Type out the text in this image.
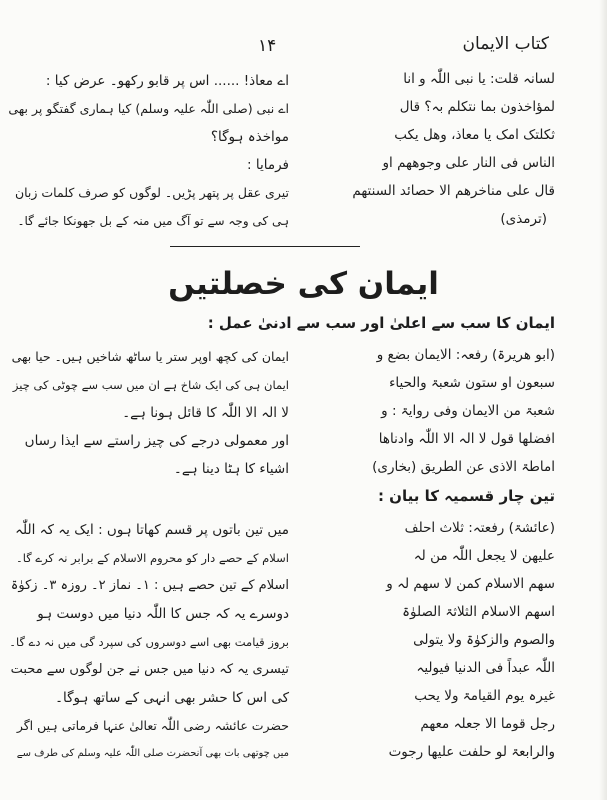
کتاب الایمان
۱۴
لسانہ قلت: یا نبی اللّٰہ و انا
لمؤاخذون بما نتکلم بہ؟ قال
ثکلتک امک یا معاذ، وھل یکب
الناس فی النار علی وجوھھم او
قال علی مناخرھم الا حصائد السنتھم
(ترمذی)
اے معاذ! ...... اس پر قابو رکھو۔ عرض کیا :
اے نبی (صلی اللّٰہ علیہ وسلم) کیا ہماری گفتگو پر بھی
مواخذہ ہوگا؟
فرمایا :
تیری عقل پر پتھر پڑیں۔ لوگوں کو صرف کلمات زبان
ہی کی وجہ سے تو آگ میں منہ کے بل جھونکا جائے گا۔
ایمان کی خصلتیں
ایمان کا سب سے اعلیٰ اور سب سے ادنیٰ عمل :
(ابو ھریرۃ) رفعہ: الایمان بضع و
سبعون او ستون شعبۃ والحیاء
شعبۃ من الایمان وفی روایۃ : و
افضلھا قول لا الہ الا اللّٰہ وادناھا
اماطۃ الاذی عن الطریق (بخاری)
ایمان کی کچھ اوپر ستر یا ساٹھ شاخیں ہیں۔ حیا بھی
ایمان ہی کی ایک شاخ ہے ان میں سب سے چوٹی کی چیز
لا الہ الا اللّٰہ کا قائل ہونا ہے۔
اور معمولی درجے کی چیز راستے سے ایذا رساں
اشیاء کا ہٹا دینا ہے۔
تین چار قسمیہ کا بیان :
(عائشۃ) رفعتہ: ثلاث احلف
علیھن لا یجعل اللّٰہ من لہ
سھم الاسلام کمن لا سھم لہ و
اسھم الاسلام الثلاثۃ الصلوٰۃ
والصوم والزکوٰۃ ولا یتولی
اللّٰہ عبداً فی الدنیا فیولیہ
غیرہ یوم القیامۃ ولا یحب
رجل قوما الا جعلہ معھم
والرابعۃ لو حلفت علیھا رجوت
میں تین باتوں پر قسم کھاتا ہوں : ایک یہ کہ اللّٰہ
اسلام کے حصے دار کو محروم الاسلام کے برابر نہ کرے گا۔
اسلام کے تین حصے ہیں : ۱۔ نماز ۲۔ روزہ ۳۔ زکوٰۃ
دوسرے یہ کہ جس کا اللّٰہ دنیا میں دوست ہو
بروز قیامت بھی اسے دوسروں کی سپرد گی میں نہ دے گا۔
تیسری یہ کہ دنیا میں جس نے جن لوگوں سے محبت
کی اس کا حشر بھی انہی کے ساتھ ہوگا۔
حضرت عائشہ رضی اللّٰہ تعالیٰ عنہا فرماتی ہیں اگر
میں چوتھی بات بھی آنحضرت صلی اللّٰہ علیہ وسلم کی طرف سے
